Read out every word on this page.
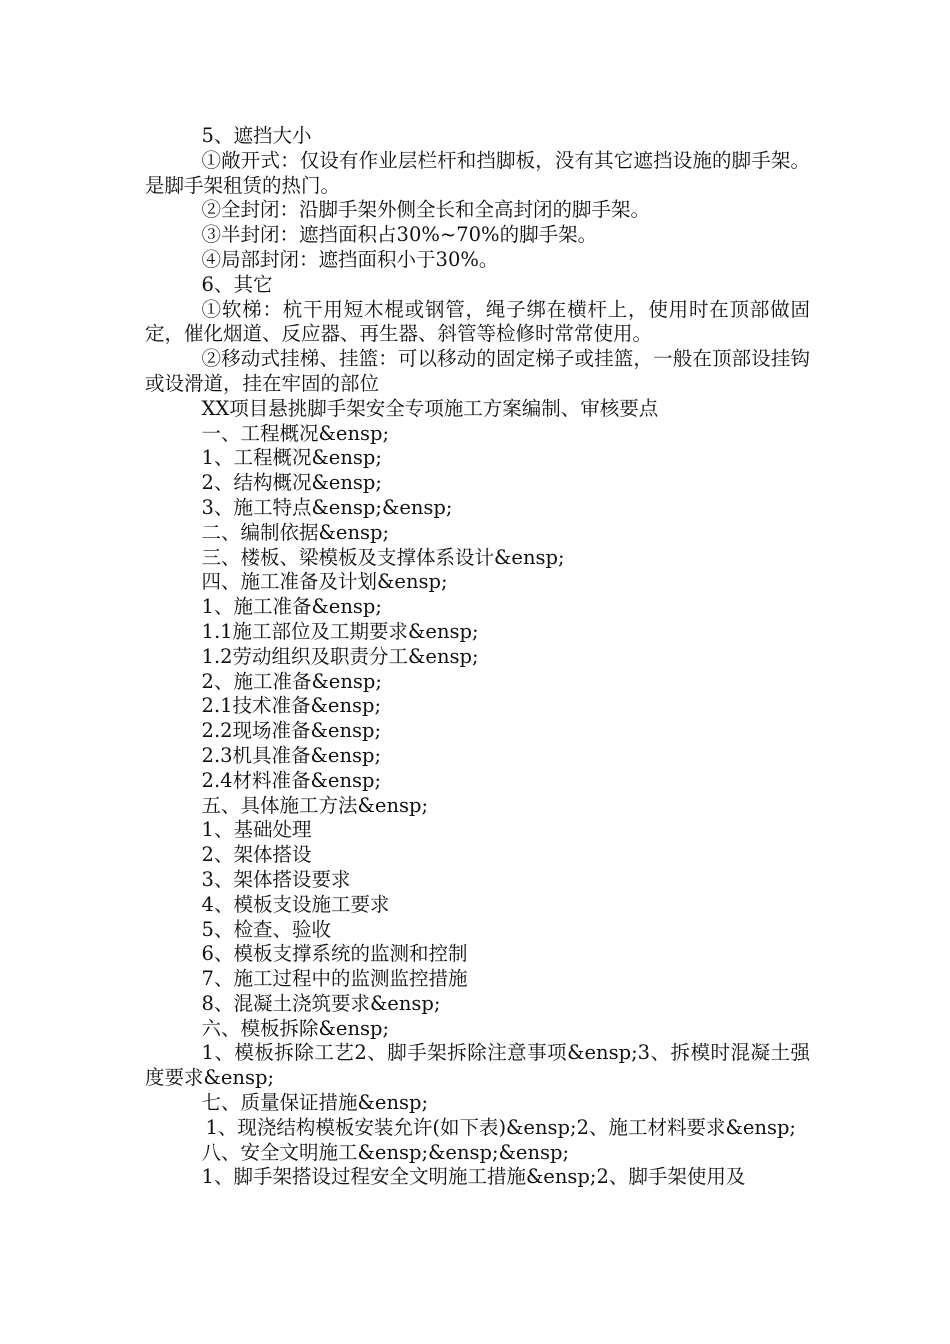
5、遮挡大小

①敞开式：仅设有作业层栏杆和挡脚板，没有其它遮挡设施的脚手架。是脚手架租赁的热门。

②全封闭：沿脚手架外侧全长和全高封闭的脚手架。

③半封闭：遮挡面积占30%~70%的脚手架。

④局部封闭：遮挡面积小于30%。

6、其它

①软梯：杭干用短木棍或钢管，绳子绑在横杆上，使用时在顶部做固定，催化烟道、反应器、再生器、斜管等检修时常常使用。

②移动式挂梯、挂篮：可以移动的固定梯子或挂篮，一般在顶部设挂钩或设滑道，挂在牢固的部位

XX项目悬挑脚手架安全专项施工方案编制、审核要点

一、工程概况&ensp;

1、工程概况&ensp;

2、结构概况&ensp;

3、施工特点&ensp;&ensp;

二、编制依据&ensp;

三、楼板、梁模板及支撑体系设计&ensp;

四、施工准备及计划&ensp;

1、施工准备&ensp;

1.1施工部位及工期要求&ensp;

1.2劳动组织及职责分工&ensp;

2、施工准备&ensp;

2.1技术准备&ensp;

2.2现场准备&ensp;

2.3机具准备&ensp;

2.4材料准备&ensp;

五、具体施工方法&ensp;

1、基础处理

2、架体搭设

3、架体搭设要求

4、模板支设施工要求

5、检查、验收

6、模板支撑系统的监测和控制

7、施工过程中的监测监控措施

8、混凝土浇筑要求&ensp;

六、模板拆除&ensp;

1、模板拆除工艺2、脚手架拆除注意事项&ensp;3、拆模时混凝土强度要求&ensp;

七、质量保证措施&ensp;

1、现浇结构模板安装允许(如下表)&ensp;2、施工材料要求&ensp;

八、安全文明施工&ensp;&ensp;&ensp;

1、脚手架搭设过程安全文明施工措施&ensp;2、脚手架使用及
